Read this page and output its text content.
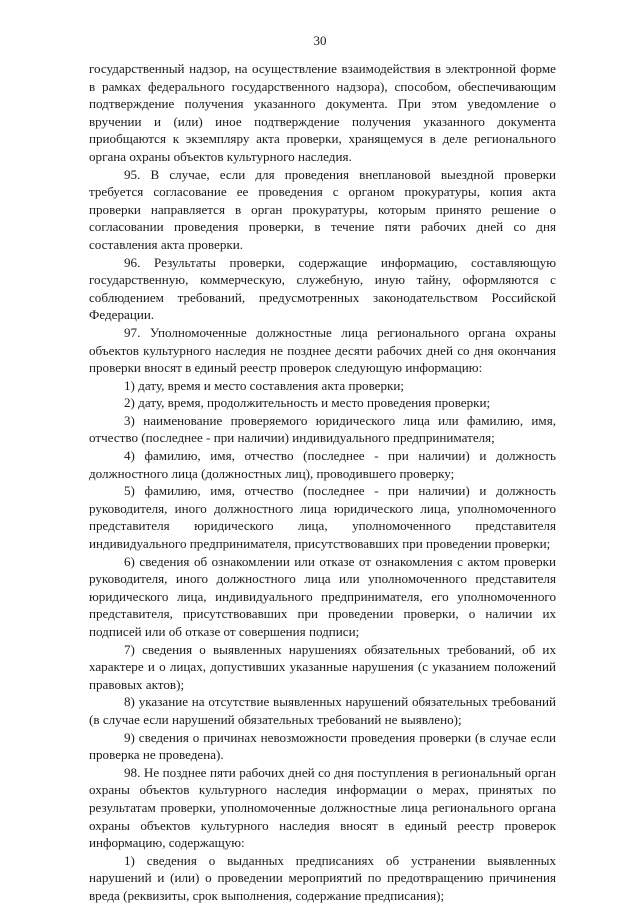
30

государственный надзор, на осуществление взаимодействия в электронной форме в рамках федерального государственного надзора), способом, обеспечивающим подтверждение получения указанного документа. При этом уведомление о вручении и (или) иное подтверждение получения указанного документа приобщаются к экземпляру акта проверки, хранящемуся в деле регионального органа охраны объектов культурного наследия.

95. В случае, если для проведения внеплановой выездной проверки требуется согласование ее проведения с органом прокуратуры, копия акта проверки направляется в орган прокуратуры, которым принято решение о согласовании проведения проверки, в течение пяти рабочих дней со дня составления акта проверки.

96. Результаты проверки, содержащие информацию, составляющую государственную, коммерческую, служебную, иную тайну, оформляются с соблюдением требований, предусмотренных законодательством Российской Федерации.

97. Уполномоченные должностные лица регионального органа охраны объектов культурного наследия не позднее десяти рабочих дней со дня окончания проверки вносят в единый реестр проверок следующую информацию:

1) дату, время и место составления акта проверки;

2) дату, время, продолжительность и место проведения проверки;

3) наименование проверяемого юридического лица или фамилию, имя, отчество (последнее - при наличии) индивидуального предпринимателя;

4) фамилию, имя, отчество (последнее - при наличии) и должность должностного лица (должностных лиц), проводившего проверку;

5) фамилию, имя, отчество (последнее - при наличии) и должность руководителя, иного должностного лица юридического лица, уполномоченного представителя юридического лица, уполномоченного представителя индивидуального предпринимателя, присутствовавших при проведении проверки;

6) сведения об ознакомлении или отказе от ознакомления с актом проверки руководителя, иного должностного лица или уполномоченного представителя юридического лица, индивидуального предпринимателя, его уполномоченного представителя, присутствовавших при проведении проверки, о наличии их подписей или об отказе от совершения подписи;

7) сведения о выявленных нарушениях обязательных требований, об их характере и о лицах, допустивших указанные нарушения (с указанием положений правовых актов);

8) указание на отсутствие выявленных нарушений обязательных требований (в случае если нарушений обязательных требований не выявлено);

9) сведения о причинах невозможности проведения проверки (в случае если проверка не проведена).

98. Не позднее пяти рабочих дней со дня поступления в региональный орган охраны объектов культурного наследия информации о мерах, принятых по результатам проверки, уполномоченные должностные лица регионального органа охраны объектов культурного наследия вносят в единый реестр проверок информацию, содержащую:

1) сведения о выданных предписаниях об устранении выявленных нарушений и (или) о проведении мероприятий по предотвращению причинения вреда (реквизиты, срок выполнения, содержание предписания);
